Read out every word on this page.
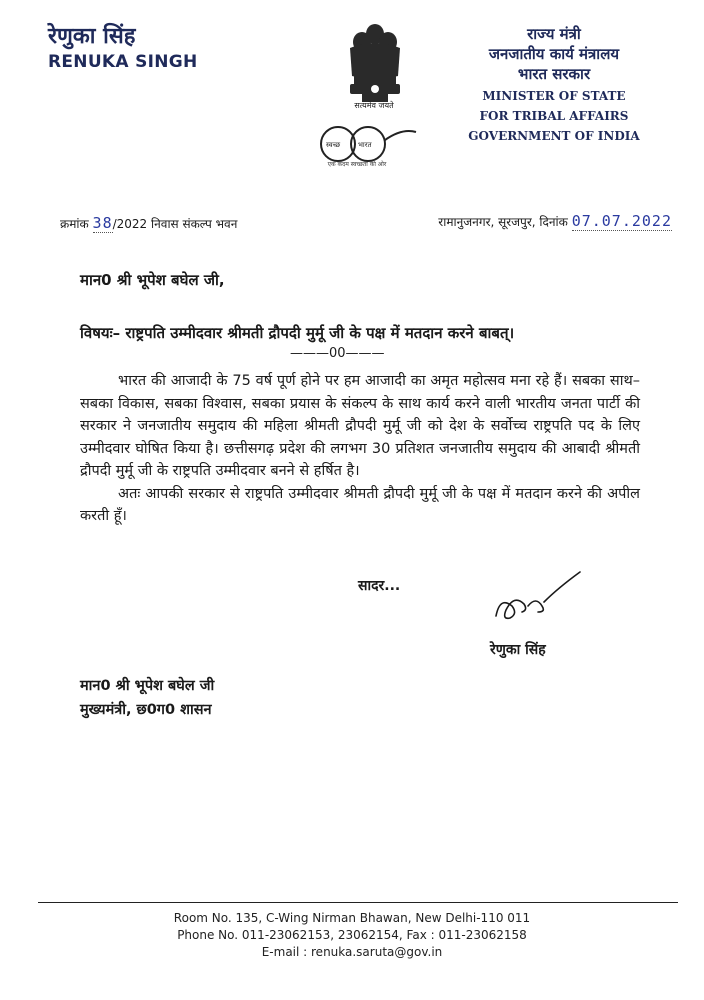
रेणुका सिंह
RENUKA SINGH
सत्यमेव जयते
स्वच्छ	भारत
एक कदम स्वच्छता की ओर
राज्य मंत्री
जनजातीय कार्य मंत्रालय
भारत सरकार
MINISTER OF STATE
FOR TRIBAL AFFAIRS
GOVERNMENT OF INDIA
क्रमांक 38/2022 निवास संकल्प भवन	रामानुजनगर, सूरजपुर, दिनांक 07.07.2022
मान0 श्री भूपेश बघेल जी,
विषयः– राष्ट्रपति उम्मीदवार श्रीमती द्रौपदी मुर्मू जी के पक्ष में मतदान करने बाबत्।
———00———

भारत की आजादी के 75 वर्ष पूर्ण होने पर हम आजादी का अमृत महोत्सव मना रहे हैं। सबका साथ–सबका विकास, सबका विश्वास, सबका प्रयास के संकल्प के साथ कार्य करने वाली भारतीय जनता पार्टी की सरकार ने जनजातीय समुदाय की महिला श्रीमती द्रौपदी मुर्मू जी को देश के सर्वोच्च राष्ट्रपति पद के लिए उम्मीदवार घोषित किया है। छत्तीसगढ़ प्रदेश की लगभग 30 प्रतिशत जनजातीय समुदाय की आबादी श्रीमती द्रौपदी मुर्मू जी के राष्ट्रपति उम्मीदवार बनने से हर्षित है।

अतः आपकी सरकार से राष्ट्रपति उम्मीदवार श्रीमती द्रौपदी मुर्मू जी के पक्ष में मतदान करने की अपील करती हूँ।

सादर...
रेणुका सिंह
मान0 श्री भूपेश बघेल जी
मुख्यमंत्री, छ0ग0 शासन
Room No. 135, C-Wing Nirman Bhawan, New Delhi-110 011
Phone No. 011-23062153, 23062154, Fax : 011-23062158
E-mail : renuka.saruta@gov.in
